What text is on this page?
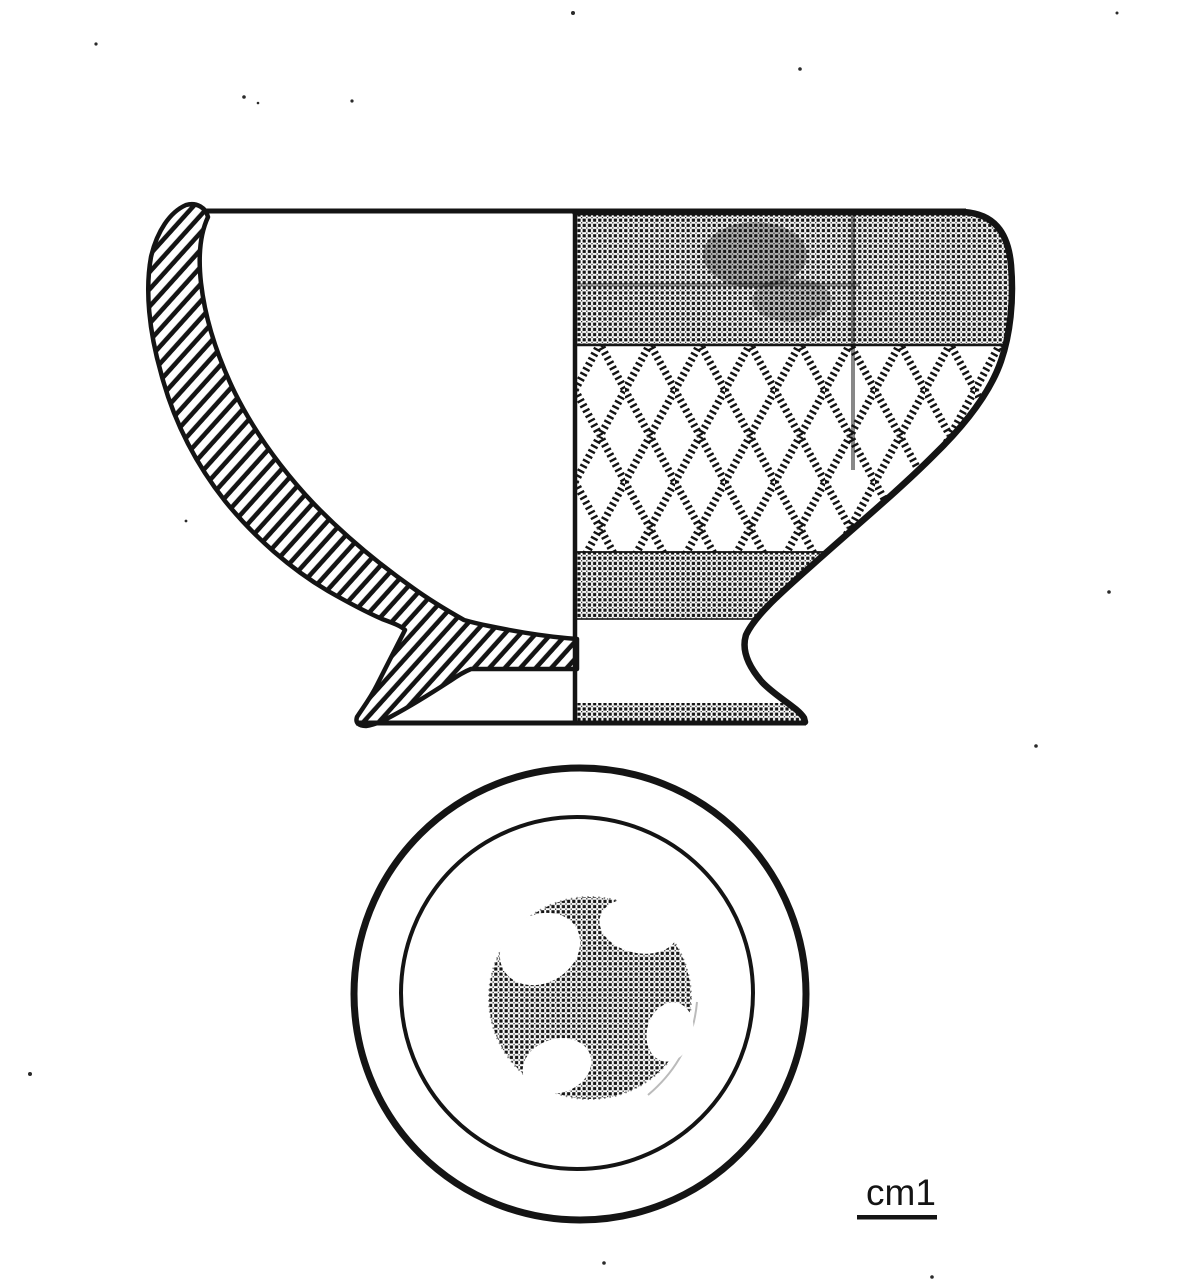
cm1
